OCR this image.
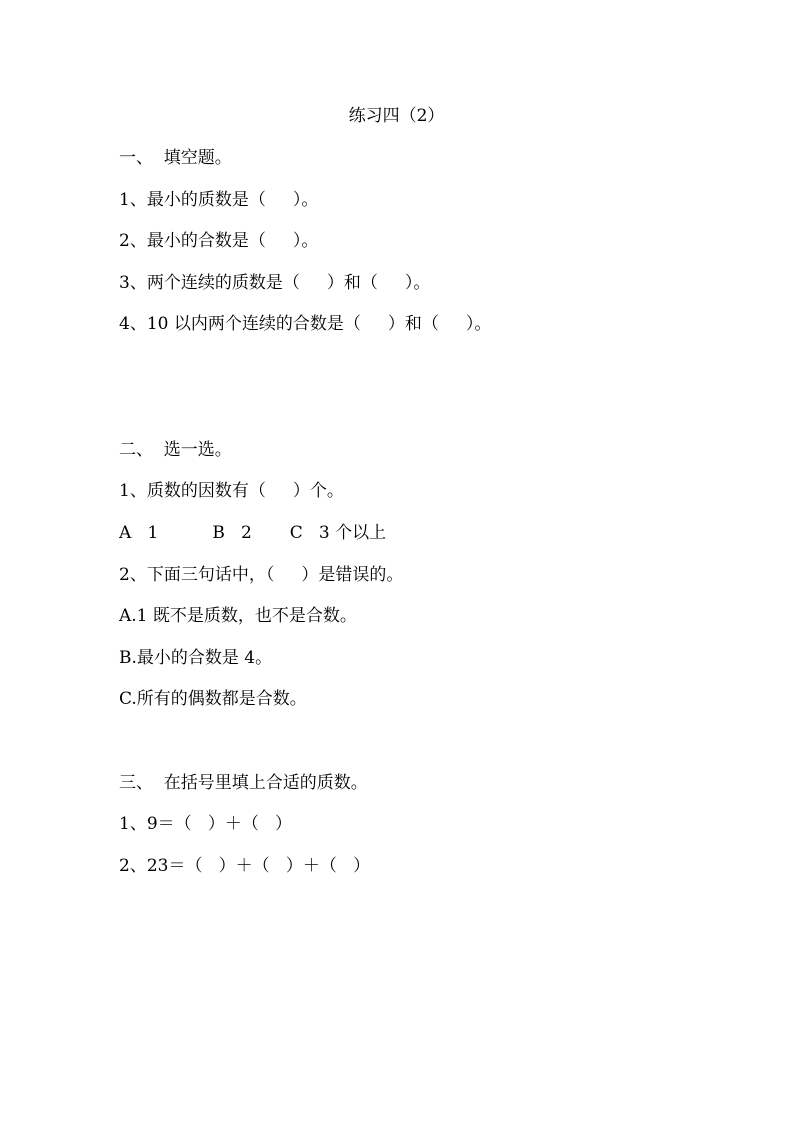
练习四（2）
一、  填空题。
1、最小的质数是（     ）。
2、最小的合数是（     ）。
3、两个连续的质数是（     ）和（     ）。
4、10 以内两个连续的合数是（     ）和（     ）。
二、  选一选。
1、质数的因数有（     ）个。
A   1          B   2       C   3 个以上
2、下面三句话中，（     ）是错误的。
A.1 既不是质数，也不是合数。
B.最小的合数是 4。
C.所有的偶数都是合数。
三、  在括号里填上合适的质数。
1、9＝（   ）＋（   ）
2、23＝（   ）＋（   ）＋（   ）
